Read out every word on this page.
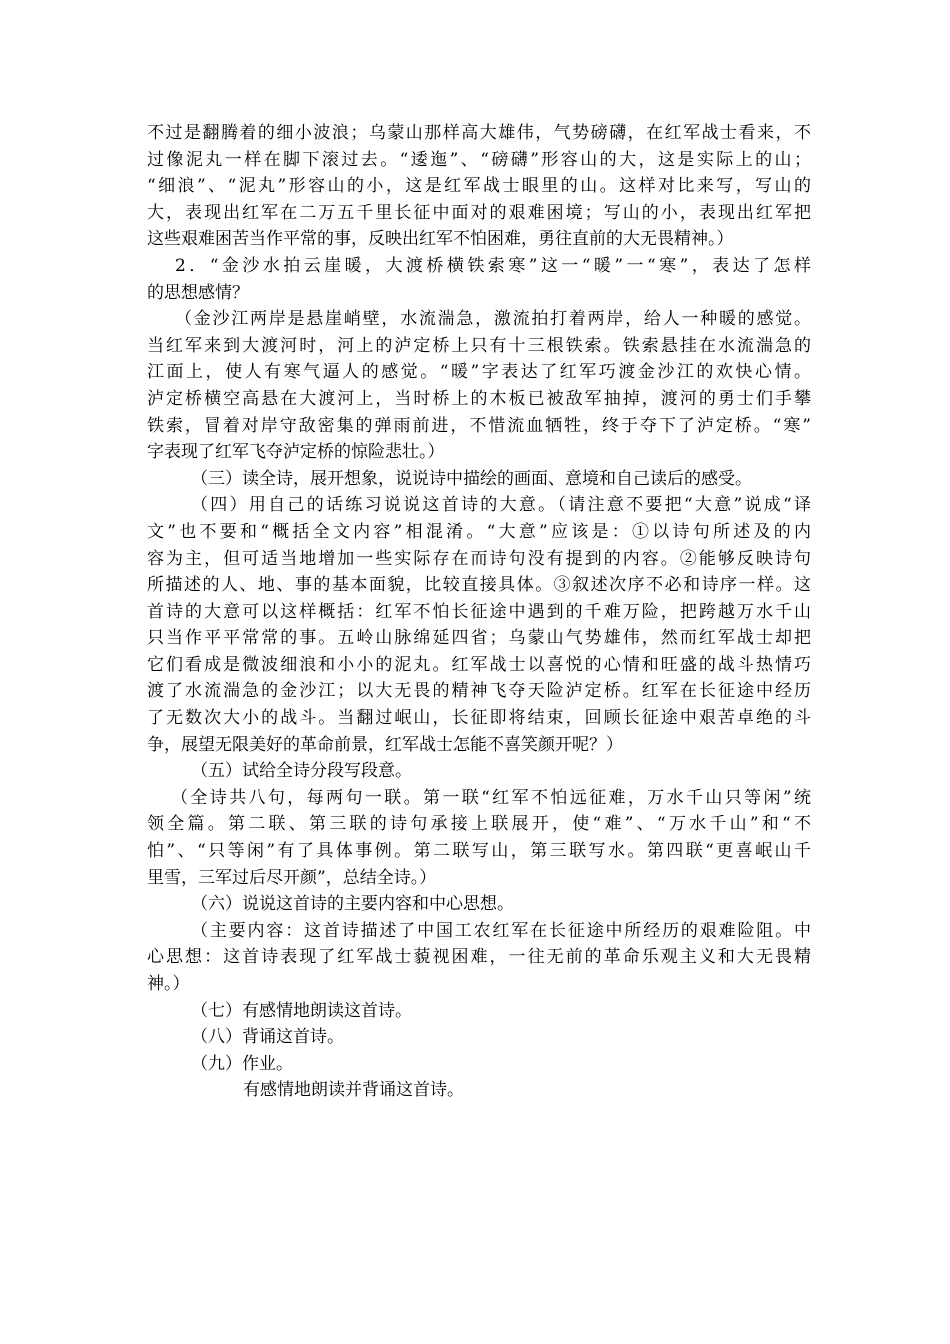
不过是翻腾着的细小波浪；乌蒙山那样高大雄伟，气势磅礴，在红军战士看来，不
过像泥丸一样在脚下滚过去。“逶迤”、“磅礴”形容山的大，这是实际上的山；
“细浪”、“泥丸”形容山的小，这是红军战士眼里的山。这样对比来写，写山的
大，表现出红军在二万五千里长征中面对的艰难困境；写山的小，表现出红军把
这些艰难困苦当作平常的事，反映出红军不怕困难，勇往直前的大无畏精神。）
2．“金沙水拍云崖暖，大渡桥横铁索寒”这一“暖”一“寒”，表达了怎样
的思想感情？
（金沙江两岸是悬崖峭壁，水流湍急，激流拍打着两岸，给人一种暖的感觉。
当红军来到大渡河时，河上的泸定桥上只有十三根铁索。铁索悬挂在水流湍急的
江面上，使人有寒气逼人的感觉。“暖”字表达了红军巧渡金沙江的欢快心情。
泸定桥横空高悬在大渡河上，当时桥上的木板已被敌军抽掉，渡河的勇士们手攀
铁索，冒着对岸守敌密集的弹雨前进，不惜流血牺牲，终于夺下了泸定桥。“寒”
字表现了红军飞夺泸定桥的惊险悲壮。）
（三）读全诗，展开想象，说说诗中描绘的画面、意境和自己读后的感受。
（四）用自己的话练习说说这首诗的大意。（请注意不要把“大意”说成“译
文”也不要和“概括全文内容”相混淆。“大意”应该是：①以诗句所述及的内
容为主，但可适当地增加一些实际存在而诗句没有提到的内容。②能够反映诗句
所描述的人、地、事的基本面貌，比较直接具体。③叙述次序不必和诗序一样。这
首诗的大意可以这样概括：红军不怕长征途中遇到的千难万险，把跨越万水千山
只当作平平常常的事。五岭山脉绵延四省；乌蒙山气势雄伟，然而红军战士却把
它们看成是微波细浪和小小的泥丸。红军战士以喜悦的心情和旺盛的战斗热情巧
渡了水流湍急的金沙江；以大无畏的精神飞夺天险泸定桥。红军在长征途中经历
了无数次大小的战斗。当翻过岷山，长征即将结束，回顾长征途中艰苦卓绝的斗
争，展望无限美好的革命前景，红军战士怎能不喜笑颜开呢？）
（五）试给全诗分段写段意。
（全诗共八句，每两句一联。第一联“红军不怕远征难，万水千山只等闲”统
领全篇。第二联、第三联的诗句承接上联展开，使“难”、“万水千山”和“不
怕”、“只等闲”有了具体事例。第二联写山，第三联写水。第四联“更喜岷山千
里雪，三军过后尽开颜”，总结全诗。）
（六）说说这首诗的主要内容和中心思想。
（主要内容：这首诗描述了中国工农红军在长征途中所经历的艰难险阻。中
心思想：这首诗表现了红军战士藐视困难，一往无前的革命乐观主义和大无畏精
神。）
（七）有感情地朗读这首诗。
（八）背诵这首诗。
（九）作业。
有感情地朗读并背诵这首诗。
